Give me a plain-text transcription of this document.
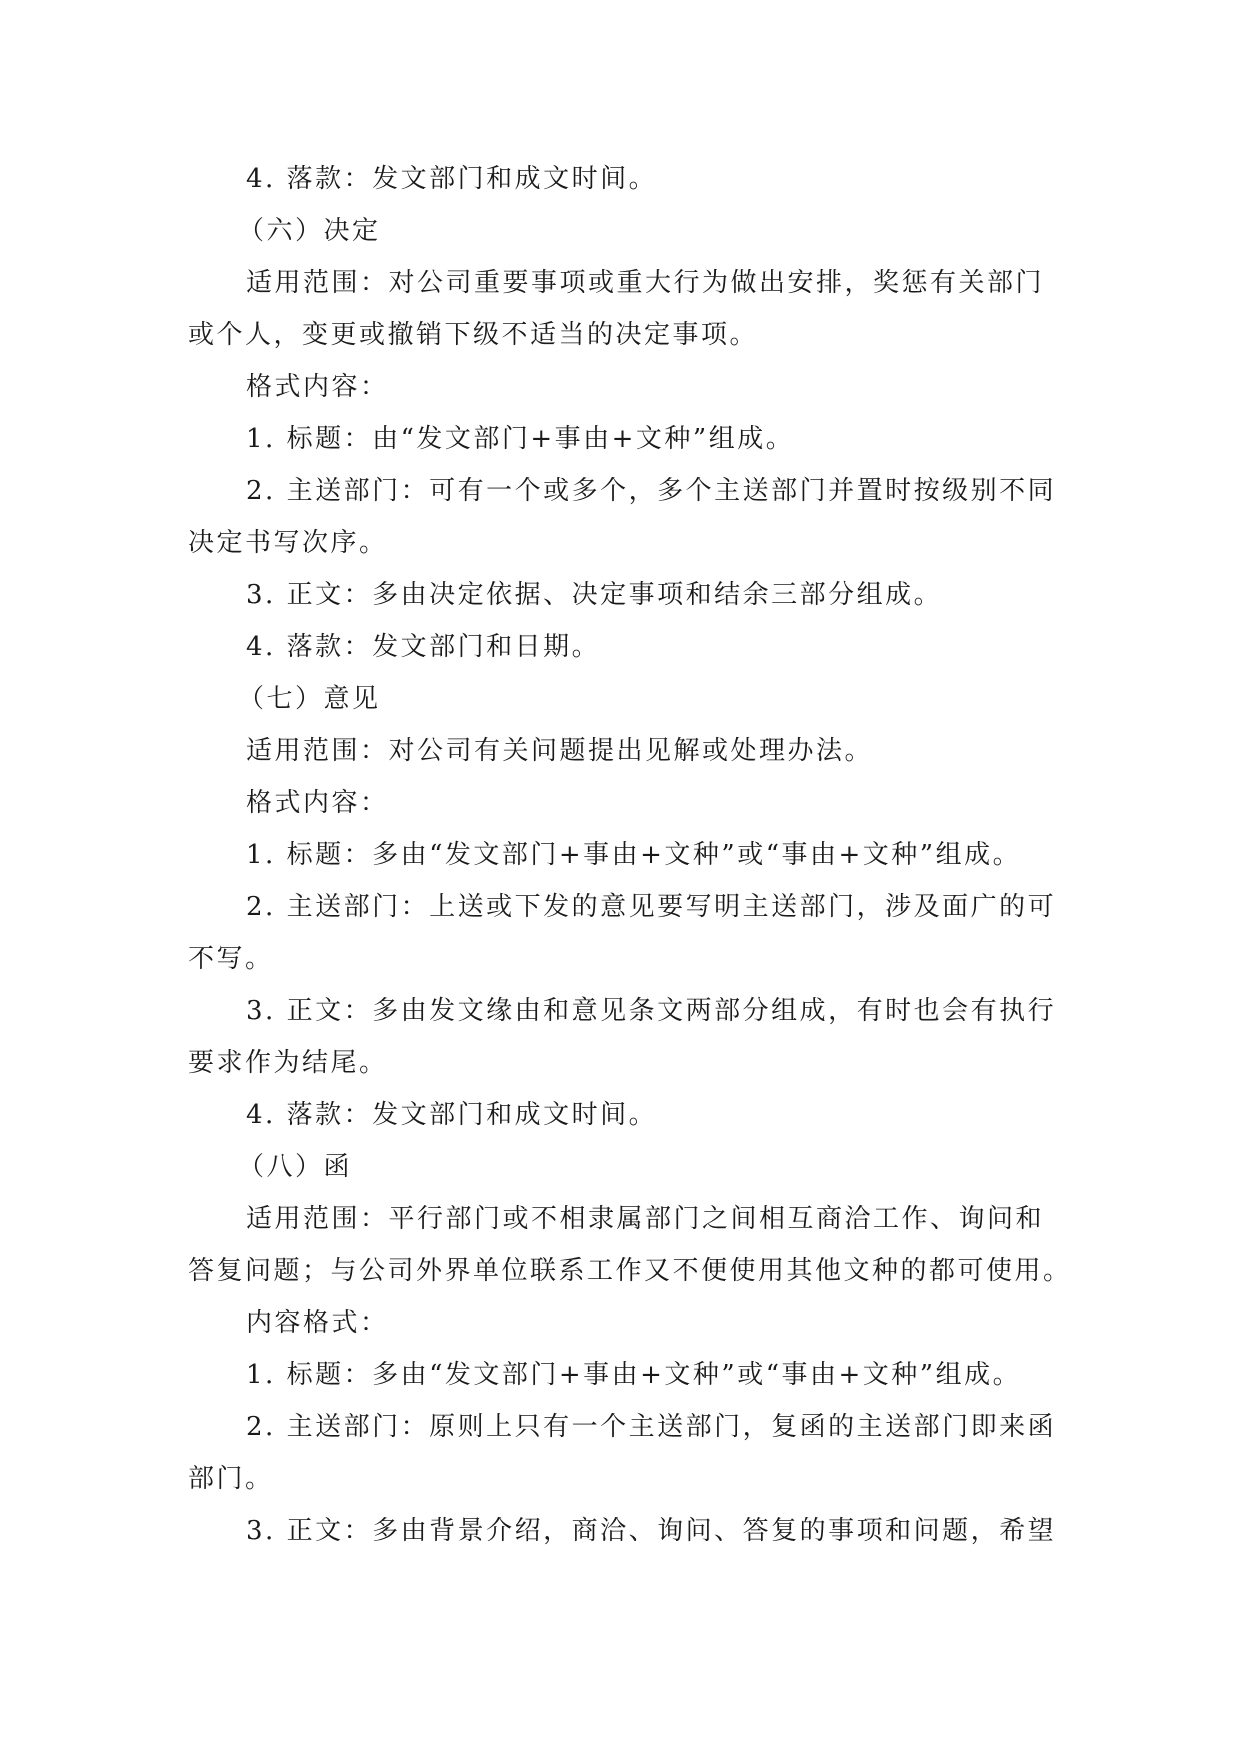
4. 落款：发文部门和成文时间。

（六）决定

适用范围：对公司重要事项或重大行为做出安排，奖惩有关部门

或个人，变更或撤销下级不适当的决定事项。

格式内容：

1. 标题：由“发文部门+事由+文种”组成。

2. 主送部门：可有一个或多个，多个主送部门并置时按级别不同

决定书写次序。

3. 正文：多由决定依据、决定事项和结余三部分组成。

4. 落款：发文部门和日期。

（七）意见

适用范围：对公司有关问题提出见解或处理办法。

格式内容：

1. 标题：多由“发文部门+事由+文种”或“事由+文种”组成。

2. 主送部门：上送或下发的意见要写明主送部门，涉及面广的可

不写。

3. 正文：多由发文缘由和意见条文两部分组成，有时也会有执行

要求作为结尾。

4. 落款：发文部门和成文时间。

（八）函

适用范围：平行部门或不相隶属部门之间相互商洽工作、询问和

答复问题；与公司外界单位联系工作又不便使用其他文种的都可使用。

内容格式：

1. 标题：多由“发文部门+事由+文种”或“事由+文种”组成。

2. 主送部门：原则上只有一个主送部门，复函的主送部门即来函

部门。

3. 正文：多由背景介绍，商洽、询问、答复的事项和问题，希望
